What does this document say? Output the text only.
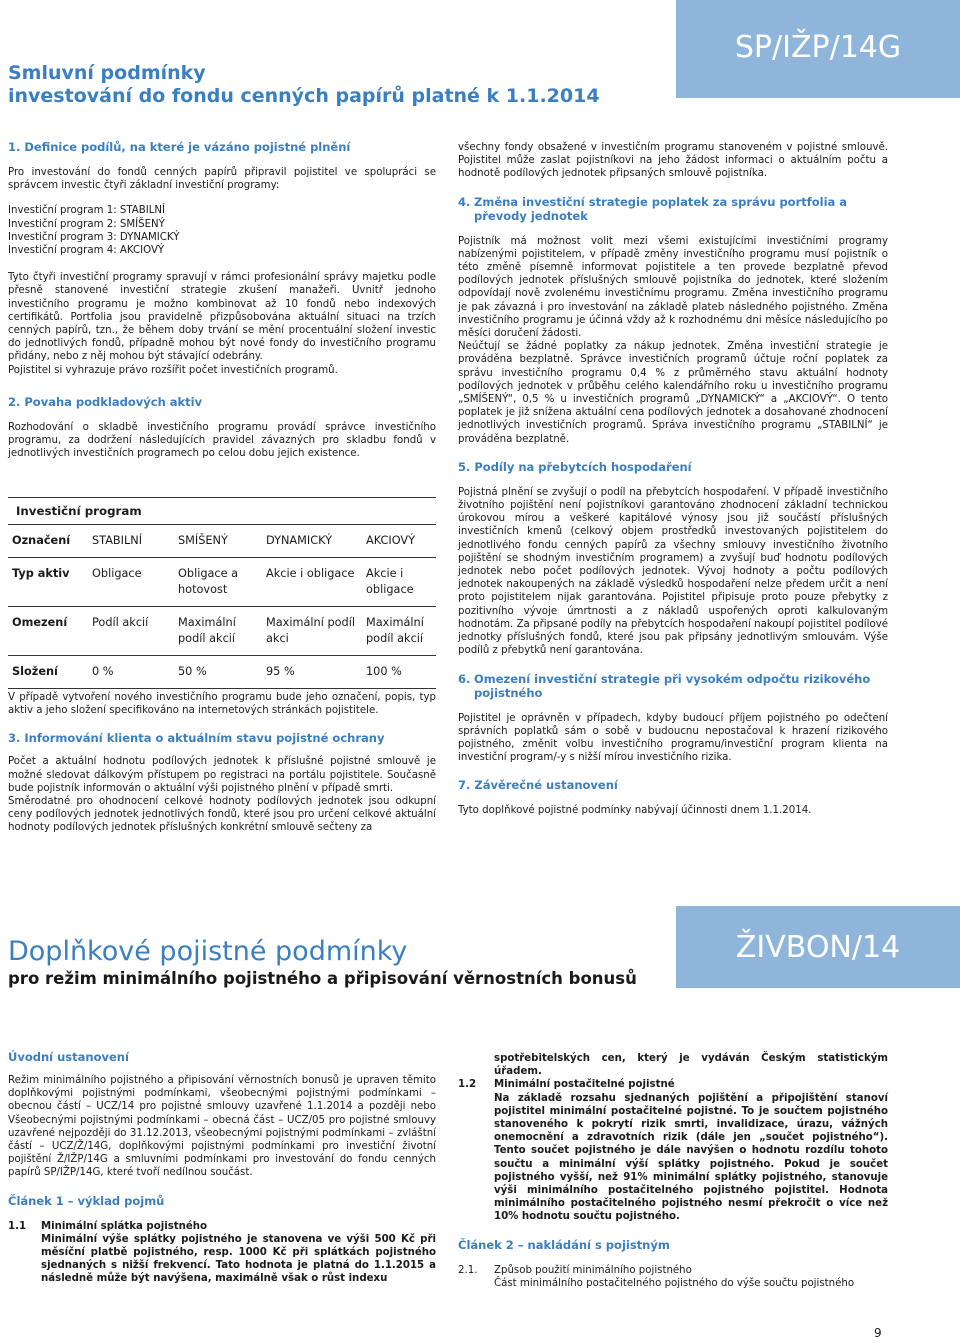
Smluvní podmínky
investování do fondu cenných papírů platné k 1.1.2014
SP/IŽP/14G
1. Definice podílů, na které je vázáno pojistné plnění

Pro investování do fondů cenných papírů připravil pojistitel ve spolupráci se správcem investic čtyři základní investiční programy:

Investiční program 1: STABILNÍ
Investiční program 2: SMÍŠENÝ
Investiční program 3: DYNAMICKÝ
Investiční program 4: AKCIOVÝ

Tyto čtyři investiční programy spravují v rámci profesionální správy majetku podle přesně stanovené investiční strategie zkušení manažeři. Uvnitř jednoho investičního programu je možno kombinovat až 10 fondů nebo indexových certifikátů. Portfolia jsou pravidelně přizpůsobována aktuální situaci na trzích cenných papírů, tzn., že během doby trvání se mění procentuální složení investic do jednotlivých fondů, případně mohou být nové fondy do investičního programu přidány, nebo z něj mohou být stávající odebrány.

Pojistitel si vyhrazuje právo rozšířit počet investičních programů.

2. Povaha podkladových aktiv

Rozhodování o skladbě investičního programu provádí správce investičního programu, za dodržení následujících pravidel závazných pro skladbu fondů v jednotlivých investičních programech po celou dobu jejich existence.

Investiční program
Označení	STABILNÍ	SMÍŠENÝ	DYNAMICKÝ	AKCIOVÝ
Typ aktiv	Obligace	Obligace a hotovost	Akcie i obligace	Akcie i obligace
Omezení	Podíl akcií	Maximální podíl akcií	Maximální podíl akci	Maximální podíl akcií
Složení	0 %	50 %	95 %	100 %

V případě vytvoření nového investičního programu bude jeho označení, popis, typ aktiv a jeho složení specifikováno na internetových stránkách pojistitele.

3. Informování klienta o aktuálním stavu pojistné ochrany

Počet a aktuální hodnotu podílových jednotek k příslušné pojistné smlouvě je možné sledovat dálkovým přístupem po registraci na portálu pojistitele. Současně bude pojistník informován o aktuální výši pojistného plnění v případě smrti.

Směrodatné pro ohodnocení celkové hodnoty podílových jednotek jsou odkupní ceny podílových jednotek jednotlivých fondů, které jsou pro určení celkové aktuální hodnoty podílových jednotek příslušných konkrétní smlouvě sečteny za

všechny fondy obsažené v investičním programu stanoveném v pojistné smlouvě. Pojistitel může zaslat pojistníkovi na jeho žádost informaci o aktuálním počtu a hodnotě podílových jednotek připsaných smlouvě pojistníka.

4. Změna investiční strategie poplatek za správu portfolia a převody jednotek

Pojistník má možnost volit mezi všemi existujícími investičními programy nabízenými pojistitelem, v případě změny investičního programu musí pojistník o této změně písemně informovat pojistitele a ten provede bezplatně převod podílových jednotek příslušných smlouvě pojistníka do jednotek, které složením odpovídají nově zvolenému investičnímu programu. Změna investičního programu je pak závazná i pro investování na základě plateb následného pojistného. Změna investičního programu je účinná vždy až k rozhodnému dni měsíce následujícího po měsíci doručení žádosti.

Neúčtují se žádné poplatky za nákup jednotek. Změna investiční strategie je prováděna bezplatně. Správce investičních programů účtuje roční poplatek za správu investičního programu 0,4 % z průměrného stavu aktuální hodnoty podílových jednotek v průběhu celého kalendářního roku u investičního programu „SMÍŠENÝ“, 0,5 % u investičních programů „DYNAMICKÝ“ a „AKCIOVÝ“. O tento poplatek je již snížena aktuální cena podílových jednotek a dosahované zhodnocení jednotlivých investičních programů. Správa investičního programu „STABILNÍ“ je prováděna bezplatně.

5. Podíly na přebytcích hospodaření

Pojistná plnění se zvyšují o podíl na přebytcích hospodaření. V případě investičního životního pojištění není pojistníkovi garantováno zhodnocení základní technickou úrokovou mírou a veškeré kapitálové výnosy jsou již součástí příslušných investičních kmenů (celkový objem prostředků investovaných pojistitelem do jednotlivého fondu cenných papírů za všechny smlouvy investičního životního pojištění se shodným investičním programem) a zvyšují buď hodnotu podílových jednotek nebo počet podílových jednotek. Vývoj hodnoty a počtu podílových jednotek nakoupených na základě výsledků hospodaření nelze předem určit a není proto pojistitelem nijak garantována. Pojistitel připisuje proto pouze přebytky z pozitivního vývoje úmrtnosti a z nákladů uspořených oproti kalkulovaným hodnotám. Za připsané podíly na přebytcích hospodaření nakoupí pojistitel podílové jednotky příslušných fondů, které jsou pak připsány jednotlivým smlouvám. Výše podílů z přebytků není garantována.

6. Omezení investiční strategie při vysokém odpočtu rizikového pojistného

Pojistitel je oprávněn v případech, kdyby budoucí příjem pojistného po odečtení správních poplatků sám o sobě v budoucnu nepostačoval k hrazení rizikového pojistného, změnit volbu investičního programu/investiční program klienta na investiční program/-y s nižší mírou investičního rizika.

7. Závěrečné ustanovení

Tyto doplňkové pojistné podmínky nabývají účinnosti dnem 1.1.2014.

Doplňkové pojistné podmínky
pro režim minimálního pojistného a připisování věrnostních bonusů
ŽIVBON/14
Úvodní ustanovení

Režim minimálního pojistného a připisování věrnostních bonusů je upraven těmito doplňkovými pojistnými podmínkami, všeobecnými pojistnými podmínkami – obecnou částí – UCZ/14 pro pojistné smlouvy uzavřené 1.1.2014 a později nebo Všeobecnými pojistnými podmínkami – obecná část – UCZ/05 pro pojistné smlouvy uzavřené nejpozději do 31.12.2013, všeobecnými pojistnými podmínkami – zvláštní částí – UCZ/Ž/14G, doplňkovými pojistnými podmínkami pro investiční životní pojištění Ž/IŽP/14G a smluvními podmínkami pro investování do fondu cenných papírů SP/IŽP/14G, které tvoří nedílnou součást.

Článek 1 – výklad pojmů
1.1	Minimální splátka pojistného
Minimální výše splátky pojistného je stanovena ve výši 500 Kč při měsíční platbě pojistného, resp. 1000 Kč při splátkách pojistného sjednaných s nižší frekvencí. Tato hodnota je platná do 1.1.2015 a následně může být navýšena, maximálně však o růst indexu
spotřebitelských cen, který je vydáván Českým statistickým úřadem.
1.2	Minimální postačitelné pojistné
Na základě rozsahu sjednaných pojištění a připojištění stanoví pojistitel minimální postačitelné pojistné. To je součtem pojistného stanoveného k pokrytí rizik smrti, invalidizace, úrazu, vážných onemocnění a zdravotních rizik (dále jen „součet pojistného“). Tento součet pojistného je dále navýšen o hodnotu rozdílu tohoto součtu a minimální výší splátky pojistného. Pokud je součet pojistného vyšší, než 91% minimální splátky pojistného, stanovuje výši minimálního postačitelného pojistného pojistitel. Hodnota minimálního postačitelného pojistného nesmí překročit o více než 10% hodnotu součtu pojistného.
Článek 2 – nakládání s pojistným
2.1.	Způsob použití minimálního pojistného
Část minimálního postačitelného pojistného do výše součtu pojistného
9
